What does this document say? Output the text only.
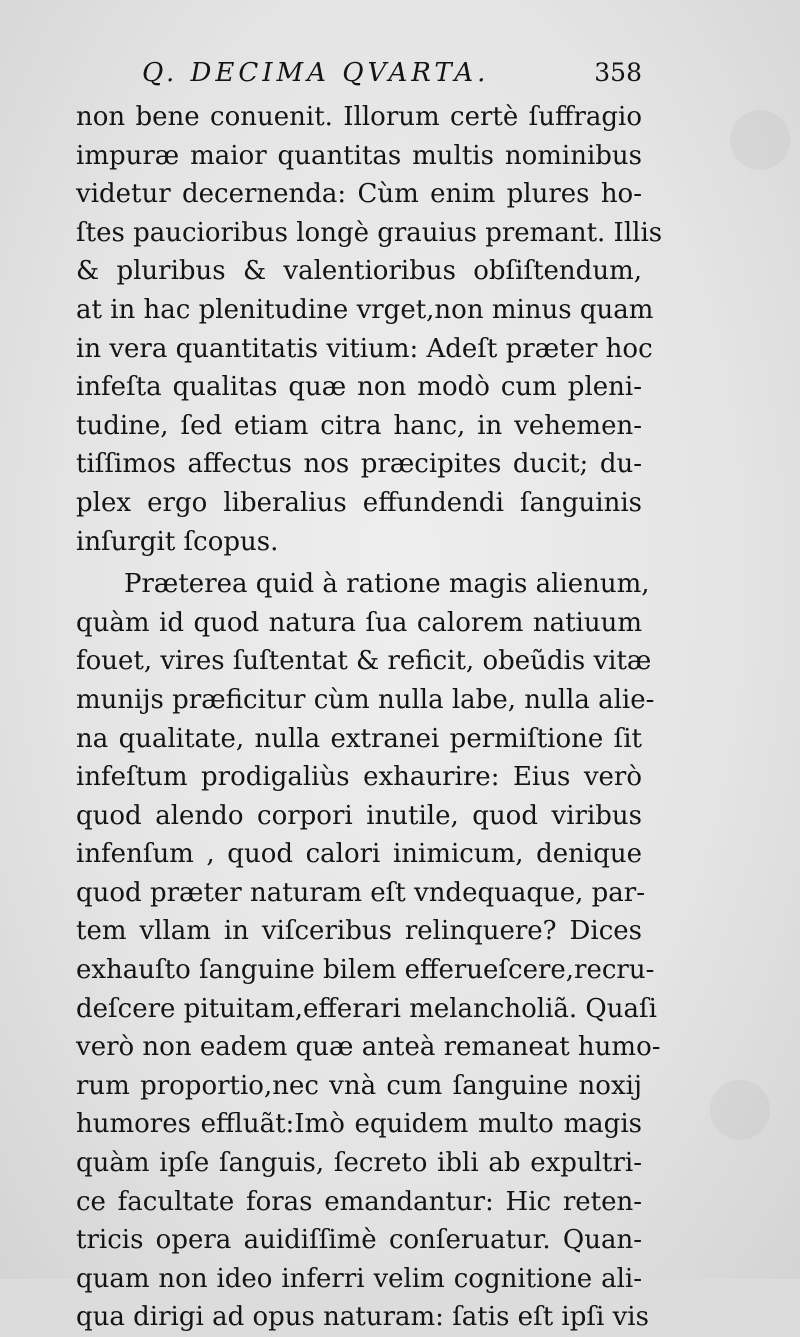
Q. DECIMA QVARTA.	358
non bene conuenit. Illorum certè ſuffragio
impuræ maior quantitas multis nominibus
videtur decernenda: Cùm enim plures ho-
ſtes paucioribus longè grauius premant. Illis
& pluribus & valentioribus obſiſtendum,
at in hac plenitudine vrget,non minus quam
in vera quantitatis vitium: Adeſt præter hoc
infeſta qualitas quæ non modò cum pleni-
tudine, ſed etiam citra hanc, in vehemen-
tiſſimos affectus nos præcipites ducit; du-
plex ergo liberalius effundendi ſanguinis
inſurgit ſcopus.
Præterea quid à ratione magis alienum,
quàm id quod natura ſua calorem natiuum
fouet, vires ſuſtentat & reficit, obeũdis vitæ
munijs præficitur cùm nulla labe, nulla alie-
na qualitate, nulla extranei permiſtione ſit
infeſtum prodigaliùs exhaurire: Eius verò
quod alendo corpori inutile, quod viribus
infenſum , quod calori inimicum, denique
quod præter naturam eſt vndequaque, par-
tem vllam in viſceribus relinquere? Dices
exhauſto ſanguine bilem efferueſcere,recru-
deſcere pituitam,efferari melancholiã. Quaſi
verò non eadem quæ anteà remaneat humo-
rum proportio,nec vnà cum ſanguine noxij
humores effluãt:Imò equidem multo magis
quàm ipſe ſanguis, ſecreto ibli ab expultri-
ce facultate foras emandantur: Hic reten-
tricis opera auidiſſimè conſeruatur. Quan-
quam non ideo inferri velim cognitione ali-
qua dirigi ad opus naturam: ſatis eſt ipſi vis
